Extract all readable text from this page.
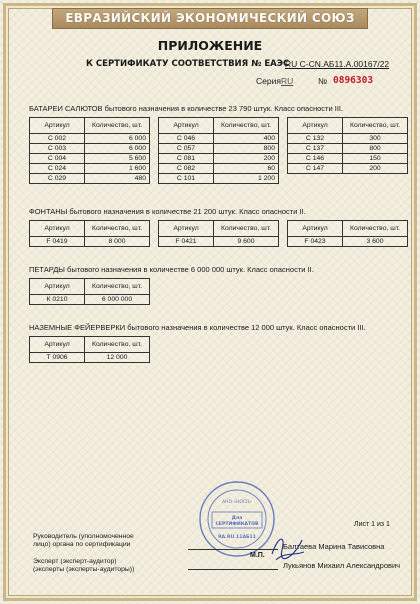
ЕВРАЗИЙСКИЙ ЭКОНОМИЧЕСКИЙ СОЮЗ
ПРИЛОЖЕНИЕ
К СЕРТИФИКАТУ СООТВЕТСТВИЯ № ЕАЭС
RU C-CN.АБ11.А.00167/22
Серия RU	№ 0896303
БАТАРЕИ САЛЮТОВ бытового назначения в количестве 23 790 штук. Класс опасности III.
Артикул	Количество, шт.
С 002	6 000
С 003	6 000
С 004	5 600
С 024	1 600
С 029	480
Артикул	Количество, шт.
С 046	400
С 057	800
С 081	200
С 082	60
С 101	1 200
Артикул	Количество, шт.
С 132	300
С 137	800
С 146	150
С 147	200
ФОНТАНЫ бытового назначения в количестве 21 200 штук. Класс опасности II.
Артикул	Количество, шт.
F 0419	8 000
Артикул	Количество, шт.
F 0421	9 600
Артикул	Количество, шт.
F 0423	3 600
ПЕТАРДЫ бытового назначения в количестве 6 000 000 штук. Класс опасности II.
Артикул	Количество, шт.
К 0210	6 000 000
НАЗЕМНЫЕ ФЕЙЕРВЕРКИ бытового назначения в количестве 12 000 штук. Класс опасности III.
Артикул	Количество, шт.
Т 0906	12 000
Лист 1 из 1
Для
СЕРТИФИКАТОВ
АНО «НОСП»
RA.RU.11АБ11
Руководитель (уполномоченное
лицо) органа по сертификации
М.П.
Балтаева Марина Тависовна
Эксперт (эксперт-аудитор)
(эксперты (эксперты-аудиторы))	Лукьянов Михаил Александрович
